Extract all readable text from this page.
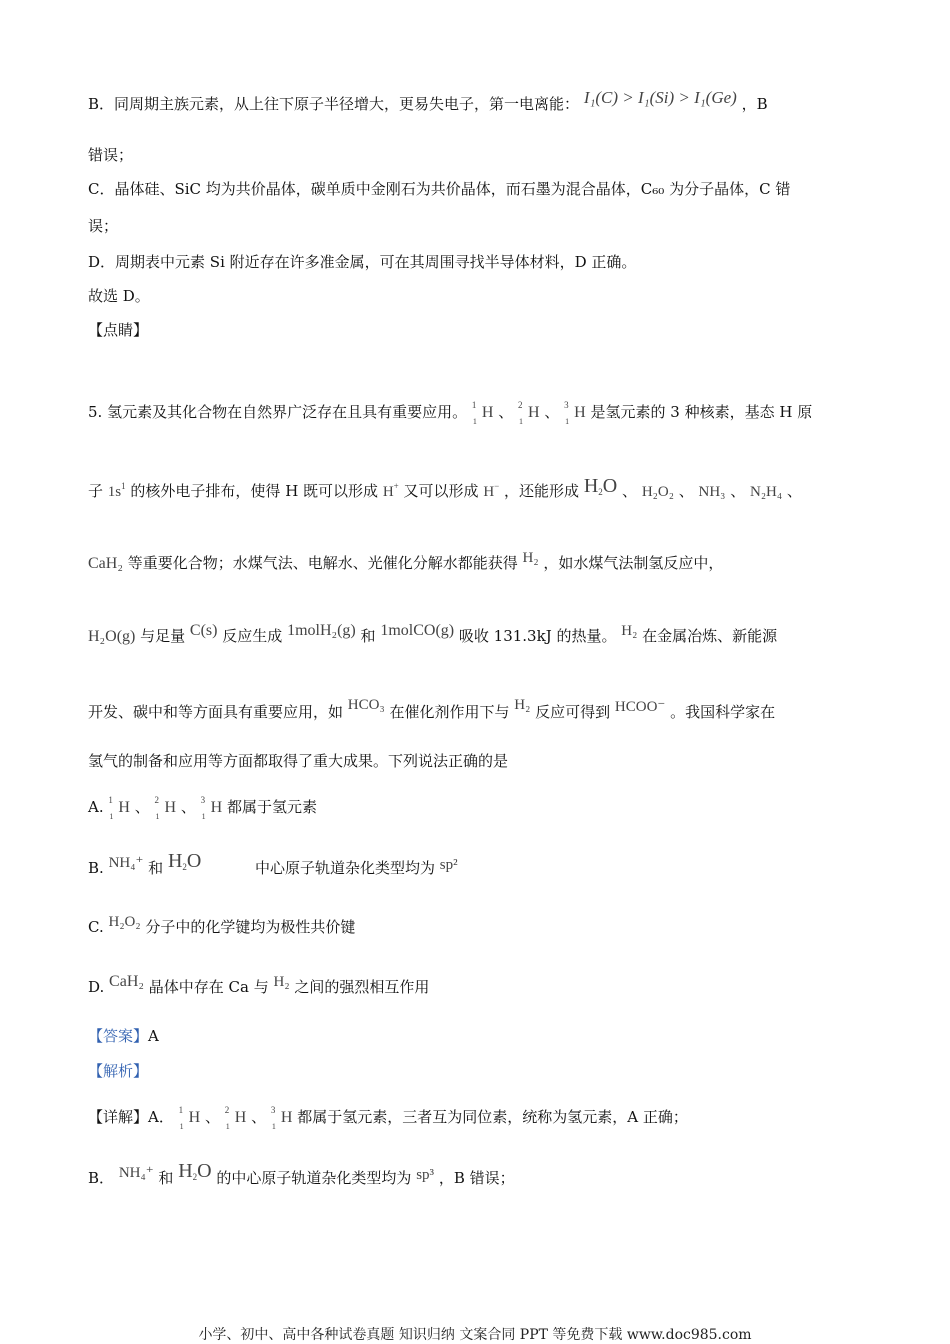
B．同周期主族元素，从上往下原子半径增大，更易失电子，第一电离能： I₁(C) > I₁(Si) > I₁(Ge) ，B
错误；
C．晶体硅、SiC 均为共价晶体，碳单质中金刚石为共价晶体，而石墨为混合晶体，C₆₀ 为分子晶体，C 错
误；
D．周期表中元素 Si 附近存在许多准金属，可在其周围寻找半导体材料，D 正确。
故选 D。
【点睛】
5. 氢元素及其化合物在自然界广泛存在且具有重要应用。 1
1
H 、 2
1
H 、 3
1
H 是氢元素的 3 种核素，基态 H 原
子 $1s^1$ 的核外电子排布，使得 H 既可以形成 H+ 又可以形成 H− ，还能形成 $H_2O$ 、 H₂O₂ 、 NH₃ 、 N₂H₄ 、
CaH₂ 等重要化合物；水煤气法、电解水、光催化分解水都能获得 H₂ ，如水煤气法制氢反应中，
H₂O(g) 与足量 C(s) 反应生成 1molH₂(g) 和 1molCO(g) 吸收 131.3kJ 的热量。 H₂ 在金属冶炼、新能源
开发、碳中和等方面具有重要应用，如 HCO₃ 在催化剂作用下与 H₂ 反应可得到 HCOO⁻ 。我国科学家在
氢气的制备和应用等方面都取得了重大成果。下列说法正确的是
A. 1
1
H 、 2
1
H 、 3
1
H 都属于氢元素
B. NH₄⁺ 和 $H_2O$	中心原子轨道杂化类型均为 sp²
C. H₂O₂ 分子中的化学键均为极性共价键
D. CaH₂ 晶体中存在 Ca 与 H₂ 之间的强烈相互作用
【答案】A
【解析】
【详解】A． 1
1
H 、 2
1
H 、 3
1
H 都属于氢元素，三者互为同位素，统称为氢元素，A 正确；
B． NH₄⁺ 和 $H_2O$ 的中心原子轨道杂化类型均为 sp³ ，B 错误；
小学、初中、高中各种试卷真题 知识归纳 文案合同 PPT 等免费下载 www.doc985.com
